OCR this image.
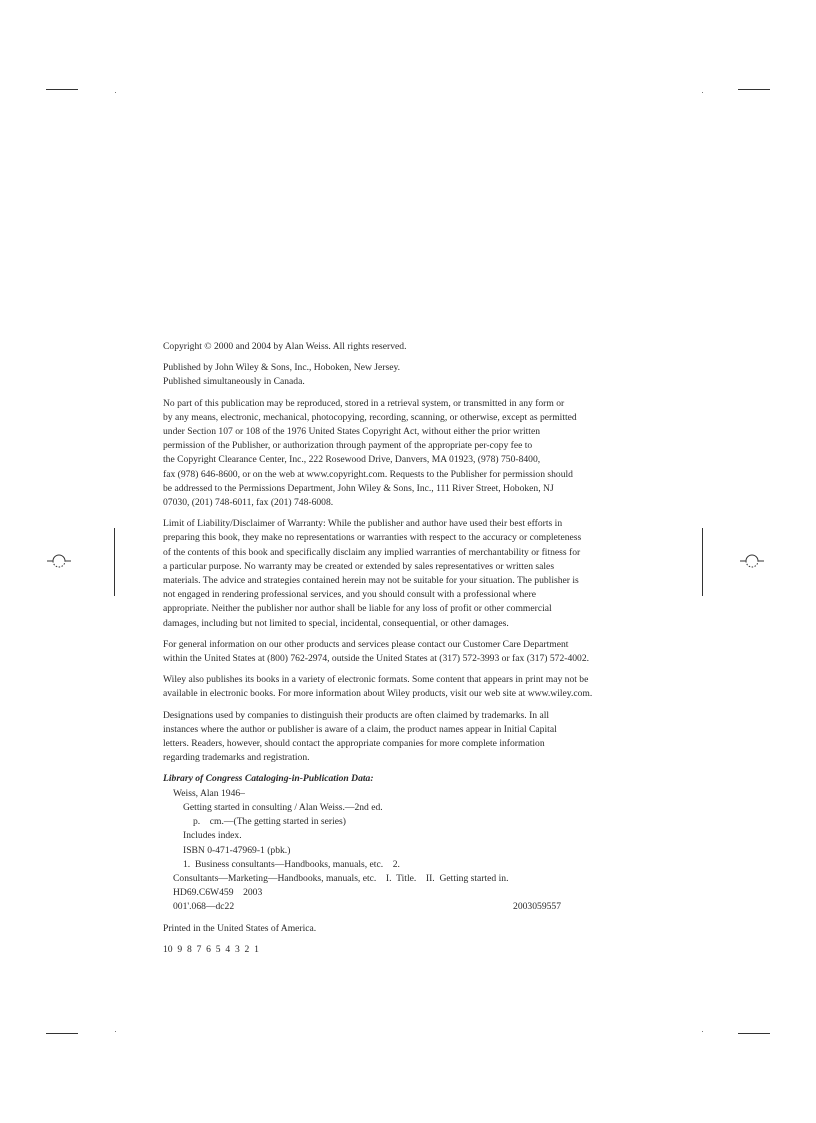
Copyright © 2000 and 2004 by Alan Weiss. All rights reserved.

Published by John Wiley & Sons, Inc., Hoboken, New Jersey.
Published simultaneously in Canada.

No part of this publication may be reproduced, stored in a retrieval system, or transmitted in any form or
by any means, electronic, mechanical, photocopying, recording, scanning, or otherwise, except as permitted
under Section 107 or 108 of the 1976 United States Copyright Act, without either the prior written
permission of the Publisher, or authorization through payment of the appropriate per-copy fee to
the Copyright Clearance Center, Inc., 222 Rosewood Drive, Danvers, MA 01923, (978) 750-8400,
fax (978) 646-8600, or on the web at www.copyright.com. Requests to the Publisher for permission should
be addressed to the Permissions Department, John Wiley & Sons, Inc., 111 River Street, Hoboken, NJ
07030, (201) 748-6011, fax (201) 748-6008.

Limit of Liability/Disclaimer of Warranty: While the publisher and author have used their best efforts in
preparing this book, they make no representations or warranties with respect to the accuracy or completeness
of the contents of this book and specifically disclaim any implied warranties of merchantability or fitness for
a particular purpose. No warranty may be created or extended by sales representatives or written sales
materials. The advice and strategies contained herein may not be suitable for your situation. The publisher is
not engaged in rendering professional services, and you should consult with a professional where
appropriate. Neither the publisher nor author shall be liable for any loss of profit or other commercial
damages, including but not limited to special, incidental, consequential, or other damages.

For general information on our other products and services please contact our Customer Care Department
within the United States at (800) 762-2974, outside the United States at (317) 572-3993 or fax (317) 572-4002.

Wiley also publishes its books in a variety of electronic formats. Some content that appears in print may not be
available in electronic books. For more information about Wiley products, visit our web site at www.wiley.com.

Designations used by companies to distinguish their products are often claimed by trademarks. In all
instances where the author or publisher is aware of a claim, the product names appear in Initial Capital
letters. Readers, however, should contact the appropriate companies for more complete information
regarding trademarks and registration.

Library of Congress Cataloging-in-Publication Data:
Weiss, Alan 1946–
Getting started in consulting / Alan Weiss.—2nd ed.
p.    cm.—(The getting started in series)
Includes index.
ISBN 0-471-47969-1 (pbk.)
1.  Business consultants—Handbooks, manuals, etc.    2.
Consultants—Marketing—Handbooks, manuals, etc.    I.  Title.    II.  Getting started in.
HD69.C6W459    2003
001'.068—dc22	2003059557

Printed in the United States of America.

10  9  8  7  6  5  4  3  2  1
